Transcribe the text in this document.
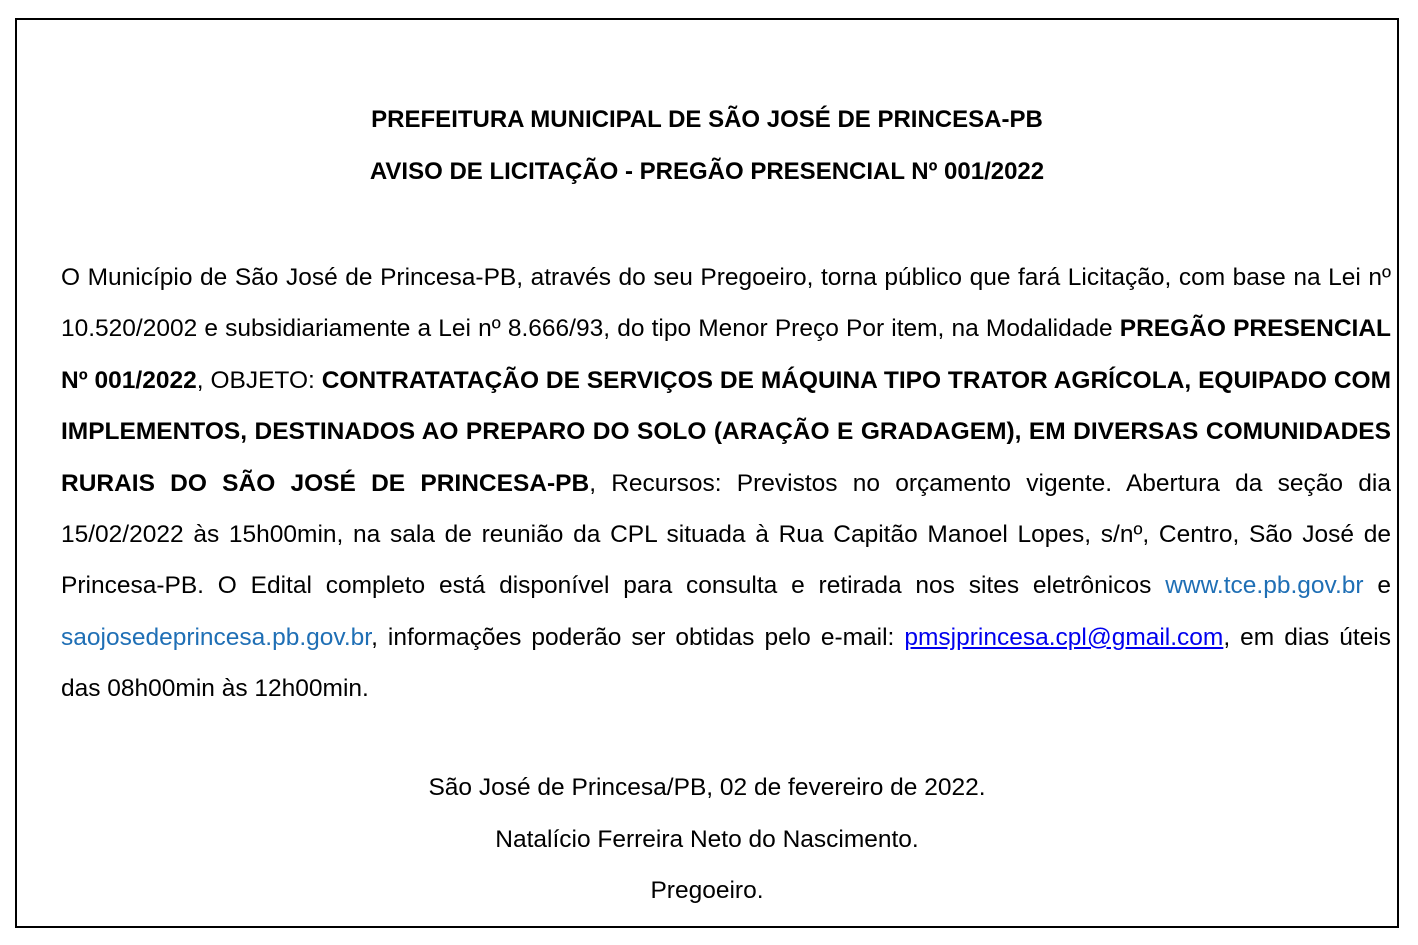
PREFEITURA MUNICIPAL DE SÃO JOSÉ DE PRINCESA-PB
AVISO DE LICITAÇÃO - PREGÃO PRESENCIAL Nº 001/2022
O Município de São José de Princesa-PB, através do seu Pregoeiro, torna público que fará Licitação, com base na Lei nº 10.520/2002 e subsidiariamente a Lei nº 8.666/93, do tipo Menor Preço Por item, na Modalidade PREGÃO PRESENCIAL Nº 001/2022, OBJETO: CONTRATATAÇÃO DE SERVIÇOS DE MÁQUINA TIPO TRATOR AGRÍCOLA, EQUIPADO COM IMPLEMENTOS, DESTINADOS AO PREPARO DO SOLO (ARAÇÃO E GRADAGEM), EM DIVERSAS COMUNIDADES RURAIS DO SÃO JOSÉ DE PRINCESA-PB, Recursos: Previstos no orçamento vigente. Abertura da seção dia 15/02/2022 às 15h00min, na sala de reunião da CPL situada à Rua Capitão Manoel Lopes, s/nº, Centro, São José de Princesa-PB. O Edital completo está disponível para consulta e retirada nos sites eletrônicos www.tce.pb.gov.br e   saojosedeprincesa.pb.gov.br, informações poderão ser obtidas pelo e-mail: pmsjprincesa.cpl@gmail.com, em dias úteis das 08h00min às 12h00min.
São José de Princesa/PB, 02 de fevereiro de 2022.
Natalício Ferreira Neto do Nascimento.
Pregoeiro.
